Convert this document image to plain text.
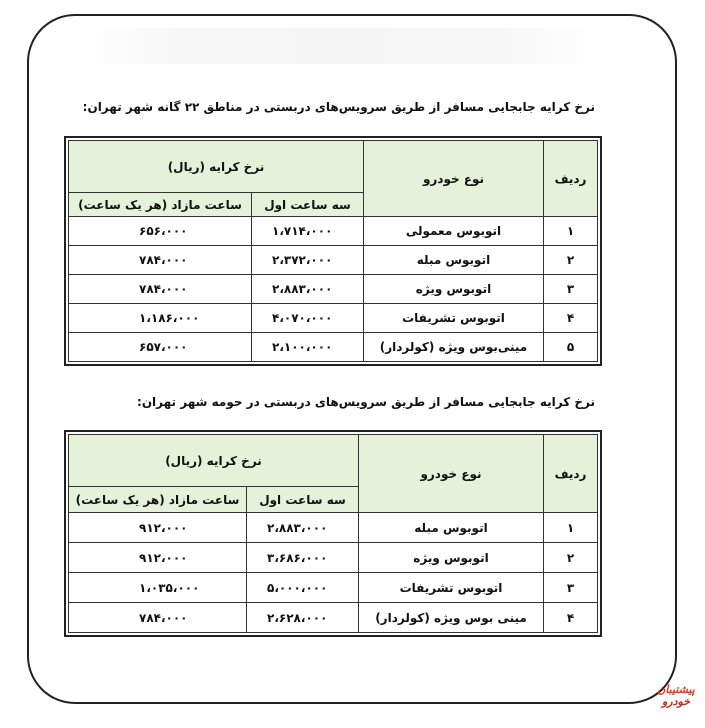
نرخ کرایه جابجایی مسافر از طریق سرویس‌های دربستی در مناطق ۲۲ گانه شهر تهران:
ردیف	نوع خودرو	نرخ کرایه (ریال)	
		سه ساعت اول	ساعت مازاد (هر یک ساعت)
۱	اتوبوس معمولی	۱،۷۱۴،۰۰۰	۶۵۶،۰۰۰
۲	اتوبوس مبله	۲،۳۷۲،۰۰۰	۷۸۴،۰۰۰
۳	اتوبوس ویژه	۲،۸۸۳،۰۰۰	۷۸۴،۰۰۰
۴	اتوبوس تشریفات	۴،۰۷۰،۰۰۰	۱،۱۸۶،۰۰۰
۵	مینی‌بوس ویژه (کولردار)	۲،۱۰۰،۰۰۰	۶۵۷،۰۰۰
نرخ کرایه جابجایی مسافر از طریق سرویس‌های دربستی در حومه شهر تهران:
ردیف	نوع خودرو	نرخ کرایه (ریال)	
		سه ساعت اول	ساعت مازاد (هر یک ساعت)
۱	اتوبوس مبله	۲،۸۸۳،۰۰۰	۹۱۲،۰۰۰
۲	اتوبوس ویژه	۳،۶۸۶،۰۰۰	۹۱۲،۰۰۰
۳	اتوبوس تشریفات	۵،۰۰۰،۰۰۰	۱،۰۳۵،۰۰۰
۴	مینی بوس ویژه (کولردار)	۲،۶۲۸،۰۰۰	۷۸۴،۰۰۰
پیشتیبان
خودرو
